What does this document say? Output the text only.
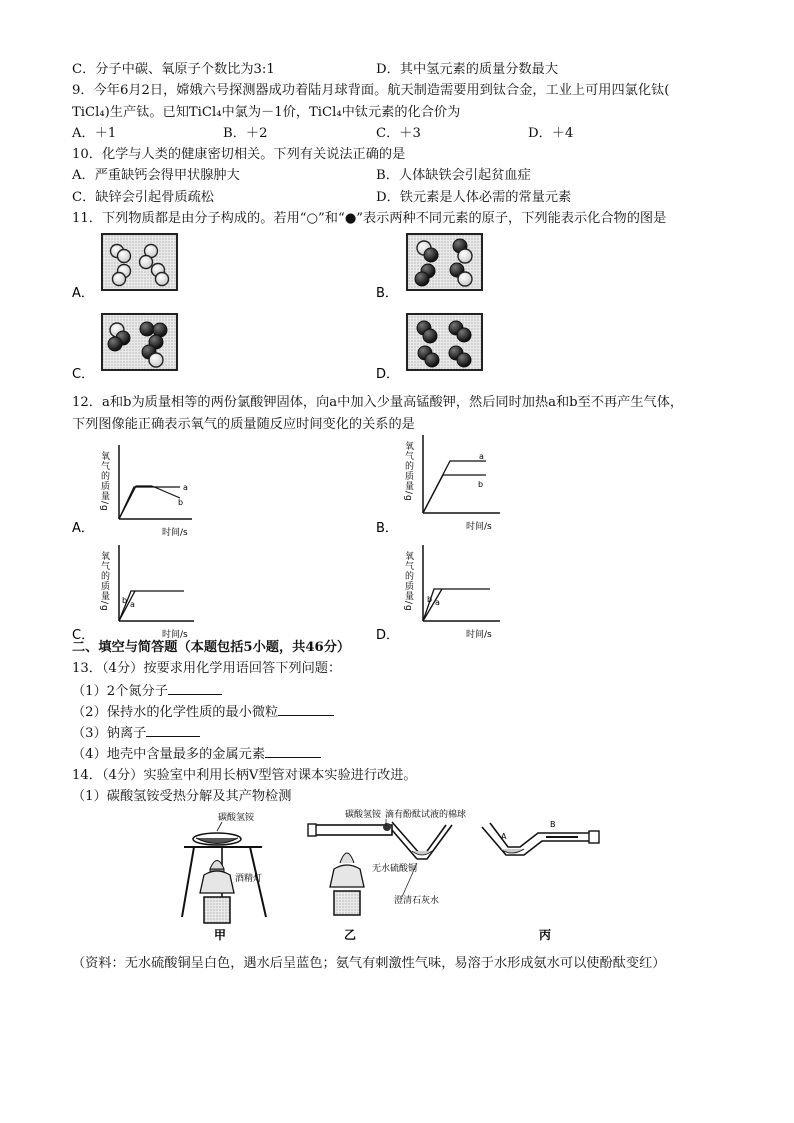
C．分子中碳、氧原子个数比为3:1	D．其中氢元素的质量分数最大
9．今年6月2日，嫦娥六号探测器成功着陆月球背面。航天制造需要用到钛合金，工业上可用四氯化钛(
TiCl₄)生产钛。已知TiCl₄中氯为－1价，TiCl₄中钛元素的化合价为
A．＋1	B．＋2	C．＋3	D．＋4
10．化学与人类的健康密切相关。下列有关说法正确的是
A．严重缺钙会得甲状腺肿大	B．人体缺铁会引起贫血症
C．缺锌会引起骨质疏松	D．铁元素是人体必需的常量元素
11．下列物质都是由分子构成的。若用“○”和“●”表示两种不同元素的原子，下列能表示化合物的图是
A．	B．
C．	D．
12．a和b为质量相等的两份氯酸钾固体，向a中加入少量高锰酸钾，然后同时加热a和b至不再产生气体，
下列图像能正确表示氧气的质量随反应时间变化的关系的是
a
b
氧气的质量/g
时间/s
a
b
氧气的质量/g
时间/s
b a
氧气的质量/g
时间/s
b a
氧气的质量/g
时间/s
A．	B．
C．	D．
二、填空与简答题（本题包括5小题，共46分）
13．（4分）按要求用化学用语回答下列问题：
（1）2个氮分子
（2）保持水的化学性质的最小微粒
（3）钠离子
（4）地壳中含量最多的金属元素
14．（4分）实验室中利用长柄V型管对课本实验进行改进。
（1）碳酸氢铵受热分解及其产物检测
碳酸氢铵
酒精灯
甲
碳酸氢铵 滴有酚酞试液的棉球
无水硫酸铜
澄清石灰水
乙
A
B
丙
（资料：无水硫酸铜呈白色，遇水后呈蓝色；氨气有刺激性气味，易溶于水形成氨水可以使酚酞变红）
